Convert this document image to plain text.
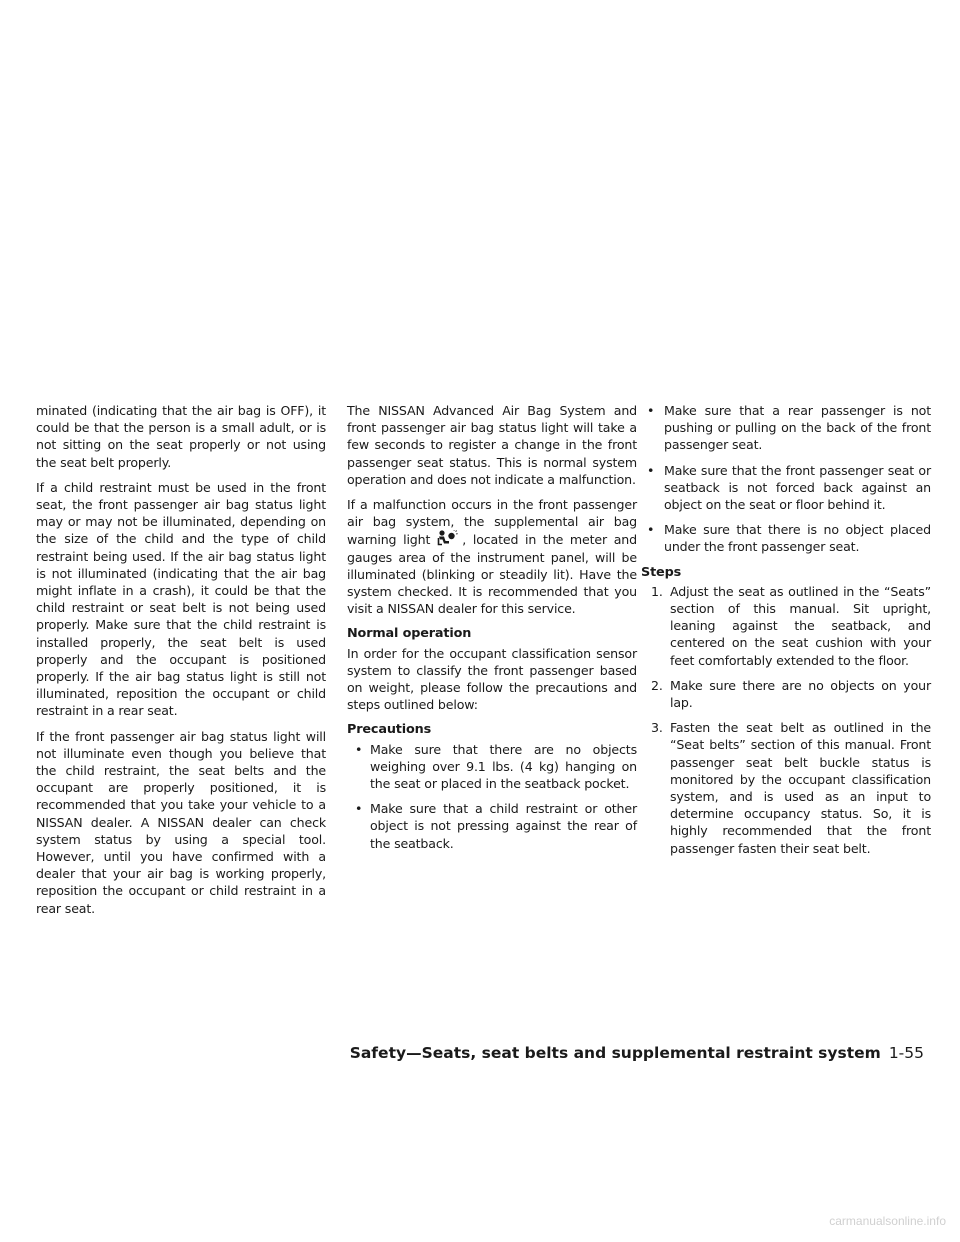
minated (indicating that the air bag is OFF), it could be that the person is a small adult, or is not sitting on the seat properly or not using the seat belt properly.

If a child restraint must be used in the front seat, the front passenger air bag status light may or may not be illuminated, depending on the size of the child and the type of child restraint being used. If the air bag status light is not illuminated (indicating that the air bag might inflate in a crash), it could be that the child restraint or seat belt is not being used properly. Make sure that the child restraint is installed properly, the seat belt is used properly and the occupant is positioned properly. If the air bag status light is still not illuminated, reposition the occupant or child restraint in a rear seat.

If the front passenger air bag status light will not illuminate even though you believe that the child restraint, the seat belts and the occupant are properly positioned, it is recommended that you take your vehicle to a NISSAN dealer. A NISSAN dealer can check system status by using a special tool. However, until you have confirmed with a dealer that your air bag is working properly, reposition the occupant or child restraint in a rear seat.

The NISSAN Advanced Air Bag System and front passenger air bag status light will take a few seconds to register a change in the front passenger seat status. This is normal system operation and does not indicate a malfunction.

If a malfunction occurs in the front passenger air bag system, the supplemental air bag warning light	, located in the meter and gauges area of the instrument panel, will be illuminated (blinking or steadily lit). Have the system checked. It is recommended that you visit a NISSAN dealer for this service.

Normal operation

In order for the occupant classification sensor system to classify the front passenger based on weight, please follow the precautions and steps outlined below:

Precautions
• Make sure that there are no objects weighing over 9.1 lbs. (4 kg) hanging on the seat or placed in the seatback pocket.
• Make sure that a child restraint or other object is not pressing against the rear of the seatback.
• Make sure that a rear passenger is not pushing or pulling on the back of the front passenger seat.
• Make sure that the front passenger seat or seatback is not forced back against an object on the seat or floor behind it.
• Make sure that there is no object placed under the front passenger seat.
Steps
1. Adjust the seat as outlined in the “Seats” section of this manual. Sit upright, leaning against the seatback, and centered on the seat cushion with your feet comfortably extended to the floor.
2. Make sure there are no objects on your lap.
3. Fasten the seat belt as outlined in the “Seat belts” section of this manual. Front passenger seat belt buckle status is monitored by the occupant classification system, and is used as an input to determine occupancy status. So, it is highly recommended that the front passenger fasten their seat belt.
Safety—Seats, seat belts and supplemental restraint system 1-55
carmanualsonline.info
